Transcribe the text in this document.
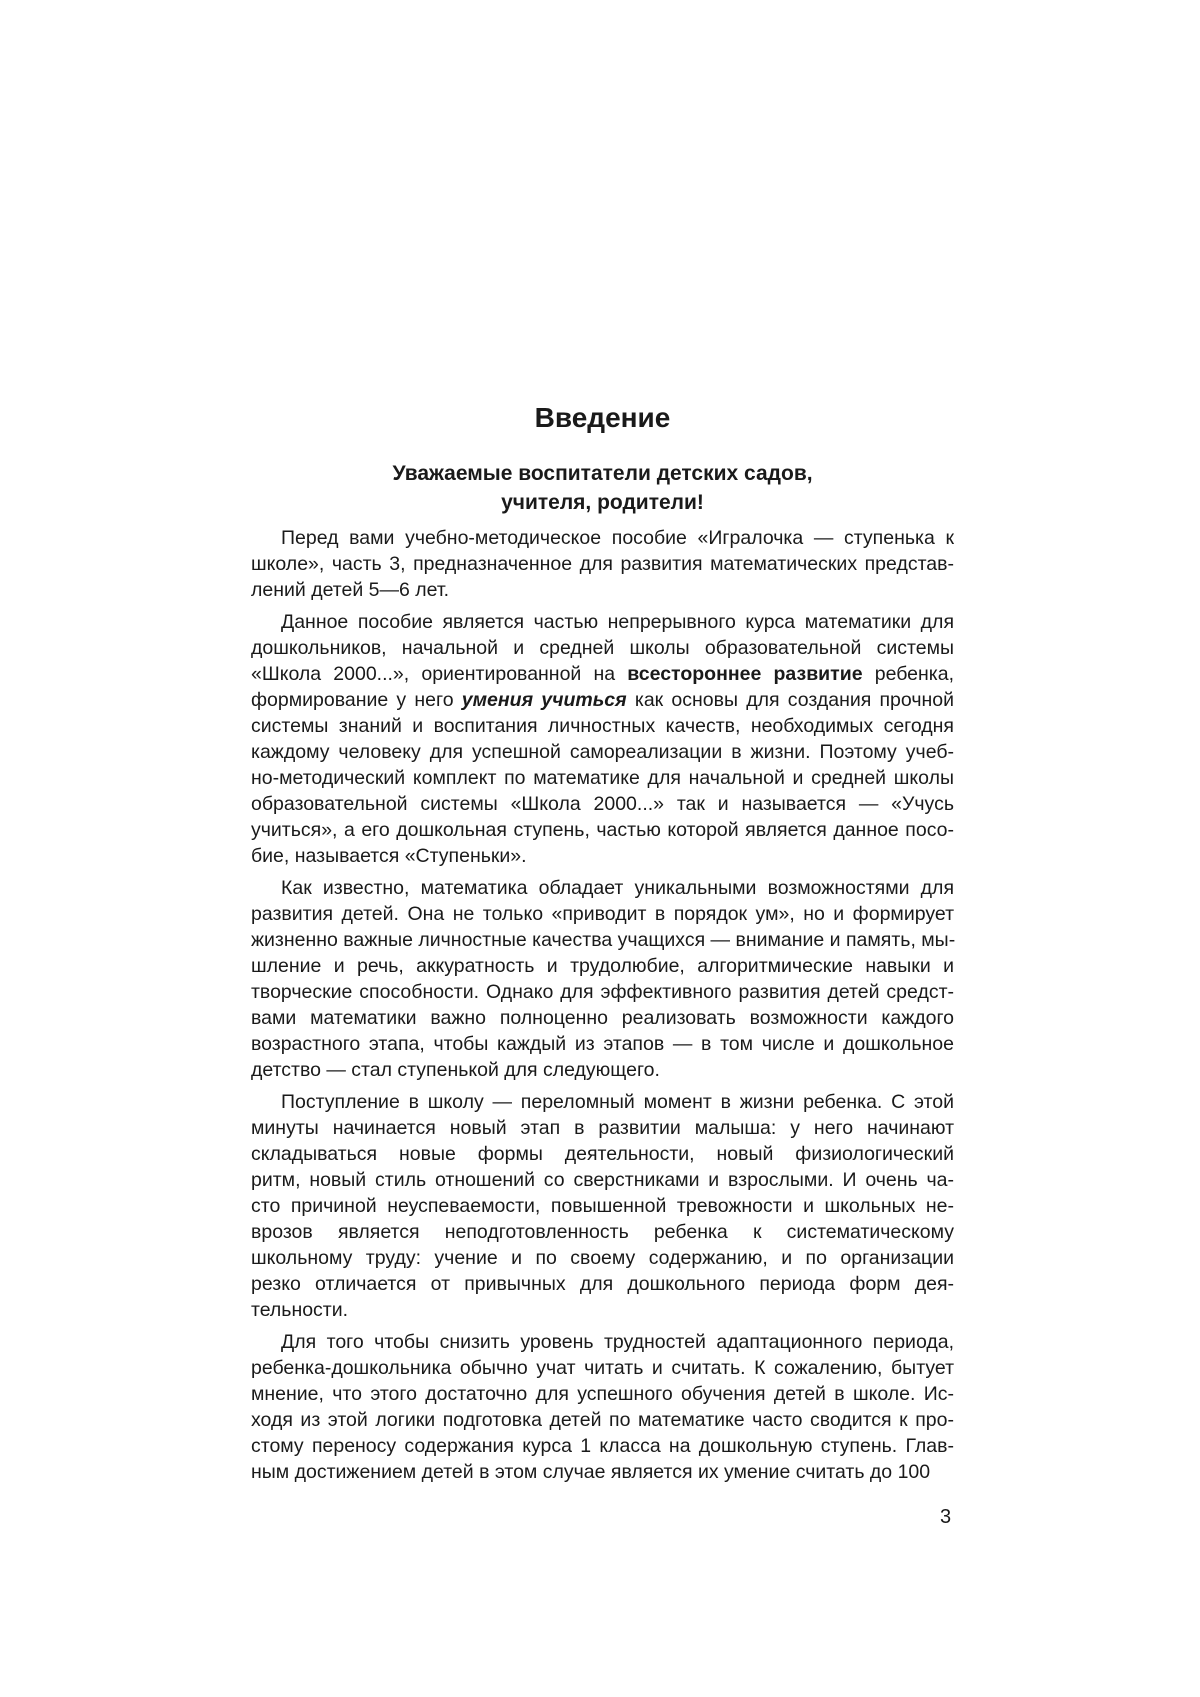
Введение
Уважаемые воспитатели детских садов,
учителя, родители!
Перед вами учебно-методическое пособие «Игралочка — ступенька к
школе», часть 3, предназначенное для развития математических представ-
лений детей 5—6 лет.
Данное пособие является частью непрерывного курса математики для
дошкольников, начальной и средней школы образовательной системы
«Школа 2000...», ориентированной на всестороннее развитие ребенка,
формирование у него умения учиться как основы для создания прочной
системы знаний и воспитания личностных качеств, необходимых сегодня
каждому человеку для успешной самореализации в жизни. Поэтому учеб-
но-методический комплект по математике для начальной и средней школы
образовательной системы «Школа 2000...» так и называется — «Учусь
учиться», а его дошкольная ступень, частью которой является данное посо-
бие, называется «Ступеньки».
Как известно, математика обладает уникальными возможностями для
развития детей. Она не только «приводит в порядок ум», но и формирует
жизненно важные личностные качества учащихся — внимание и память, мы-
шление и речь, аккуратность и трудолюбие, алгоритмические навыки и
творческие способности. Однако для эффективного развития детей средст-
вами математики важно полноценно реализовать возможности каждого
возрастного этапа, чтобы каждый из этапов — в том числе и дошкольное
детство — стал ступенькой для следующего.
Поступление в школу — переломный момент в жизни ребенка. С этой
минуты начинается новый этап в развитии малыша: у него начинают
складываться новые формы деятельности, новый физиологический
ритм, новый стиль отношений со сверстниками и взрослыми. И очень ча-
сто причиной неуспеваемости, повышенной тревожности и школьных не-
врозов является неподготовленность ребенка к систематическому
школьному труду: учение и по своему содержанию, и по организации
резко отличается от привычных для дошкольного периода форм дея-
тельности.
Для того чтобы снизить уровень трудностей адаптационного периода,
ребенка-дошкольника обычно учат читать и считать. К сожалению, бытует
мнение, что этого достаточно для успешного обучения детей в школе. Ис-
ходя из этой логики подготовка детей по математике часто сводится к про-
стому переносу содержания курса 1 класса на дошкольную ступень. Глав-
ным достижением детей в этом случае является их умение считать до 100
3
